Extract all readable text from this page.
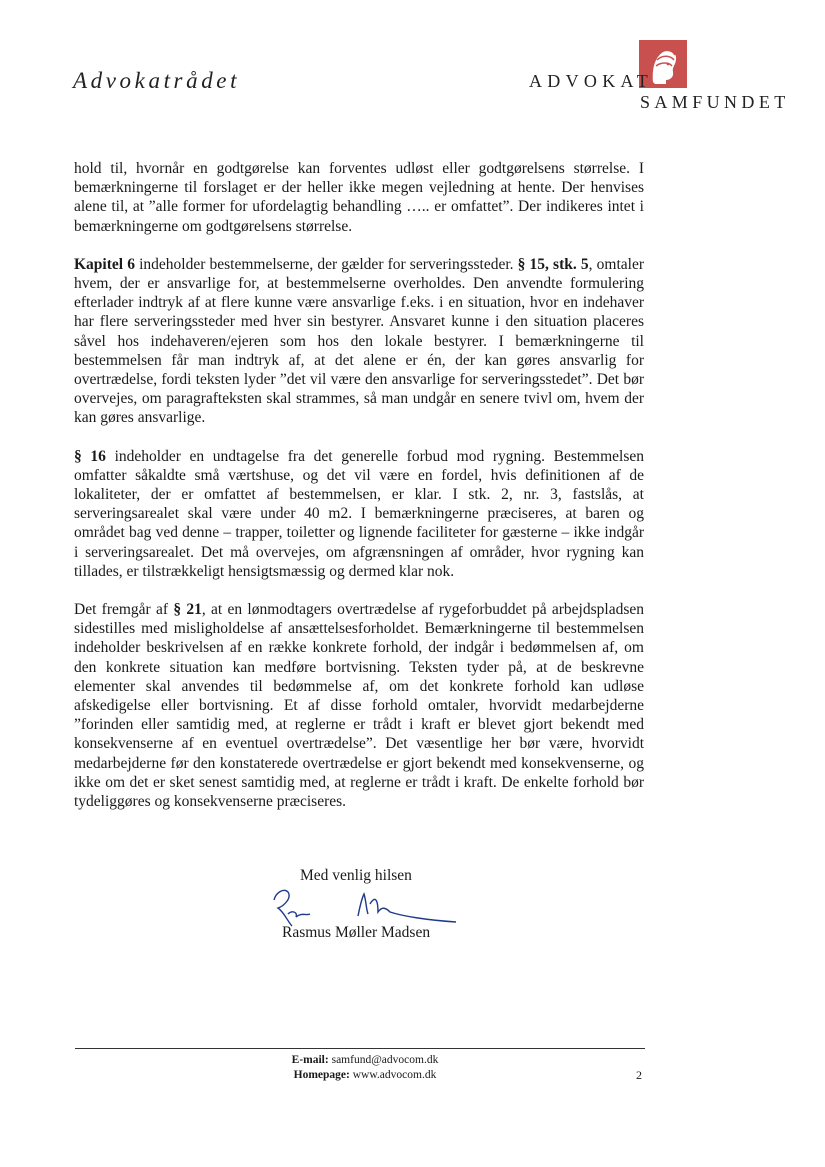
Advokatrådet	ADVOKAT
SAMFUNDET

hold til, hvornår en godtgørelse kan forventes udløst eller godtgørelsens størrelse. I bemærkningerne til forslaget er der heller ikke megen vejledning at hente. Der henvises alene til, at ”alle former for ufordelagtig behandling ….. er omfattet”. Der indikeres intet i bemærkningerne om godtgørelsens størrelse.

Kapitel 6 indeholder bestemmelserne, der gælder for serveringssteder. § 15, stk. 5, omtaler hvem, der er ansvarlige for, at bestemmelserne overholdes. Den anvendte formulering efterlader indtryk af at flere kunne være ansvarlige f.eks. i en situation, hvor en indehaver har flere serveringssteder med hver sin bestyrer. Ansvaret kunne i den situation placeres såvel hos indehaveren/ejeren som hos den lokale bestyrer. I bemærkningerne til bestemmelsen får man indtryk af, at det alene er én, der kan gøres ansvarlig for overtrædelse, fordi teksten lyder ”det vil være den ansvarlige for serveringsstedet”. Det bør overvejes, om paragrafteksten skal strammes, så man undgår en senere tvivl om, hvem der kan gøres ansvarlige.

§ 16 indeholder en undtagelse fra det generelle forbud mod rygning. Bestemmelsen omfatter såkaldte små værtshuse, og det vil være en fordel, hvis definitionen af de lokaliteter, der er omfattet af bestemmelsen, er klar. I stk. 2, nr. 3, fastslås, at serveringsarealet skal være under 40 m2. I bemærkningerne præciseres, at baren og området bag ved denne – trapper, toiletter og lignende faciliteter for gæsterne – ikke indgår i serveringsarealet. Det må overvejes, om afgrænsningen af områder, hvor rygning kan tillades, er tilstrækkeligt hensigtsmæssig og dermed klar nok.

Det fremgår af § 21, at en lønmodtagers overtrædelse af rygeforbuddet på arbejdspladsen sidestilles med misligholdelse af ansættelsesforholdet. Bemærkningerne til bestemmelsen indeholder beskrivelsen af en række konkrete forhold, der indgår i bedømmelsen af, om den konkrete situation kan medføre bortvisning. Teksten tyder på, at de beskrevne elementer skal anvendes til bedømmelse af, om det konkrete forhold kan udløse afskedigelse eller bortvisning. Et af disse forhold omtaler, hvorvidt medarbejderne ”forinden eller samtidig med, at reglerne er trådt i kraft er blevet gjort bekendt med konsekvenserne af en eventuel overtrædelse”. Det væsentlige her bør være, hvorvidt medarbejderne før den konstaterede overtrædelse er gjort bekendt med konsekvenserne, og ikke om det er sket senest samtidig med, at reglerne er trådt i kraft. De enkelte forhold bør tydeliggøres og konsekvenserne præciseres.

Med venlig hilsen
Rasmus Møller Madsen
E-mail: samfund@advocom.dk
Homepage: www.advocom.dk	2
